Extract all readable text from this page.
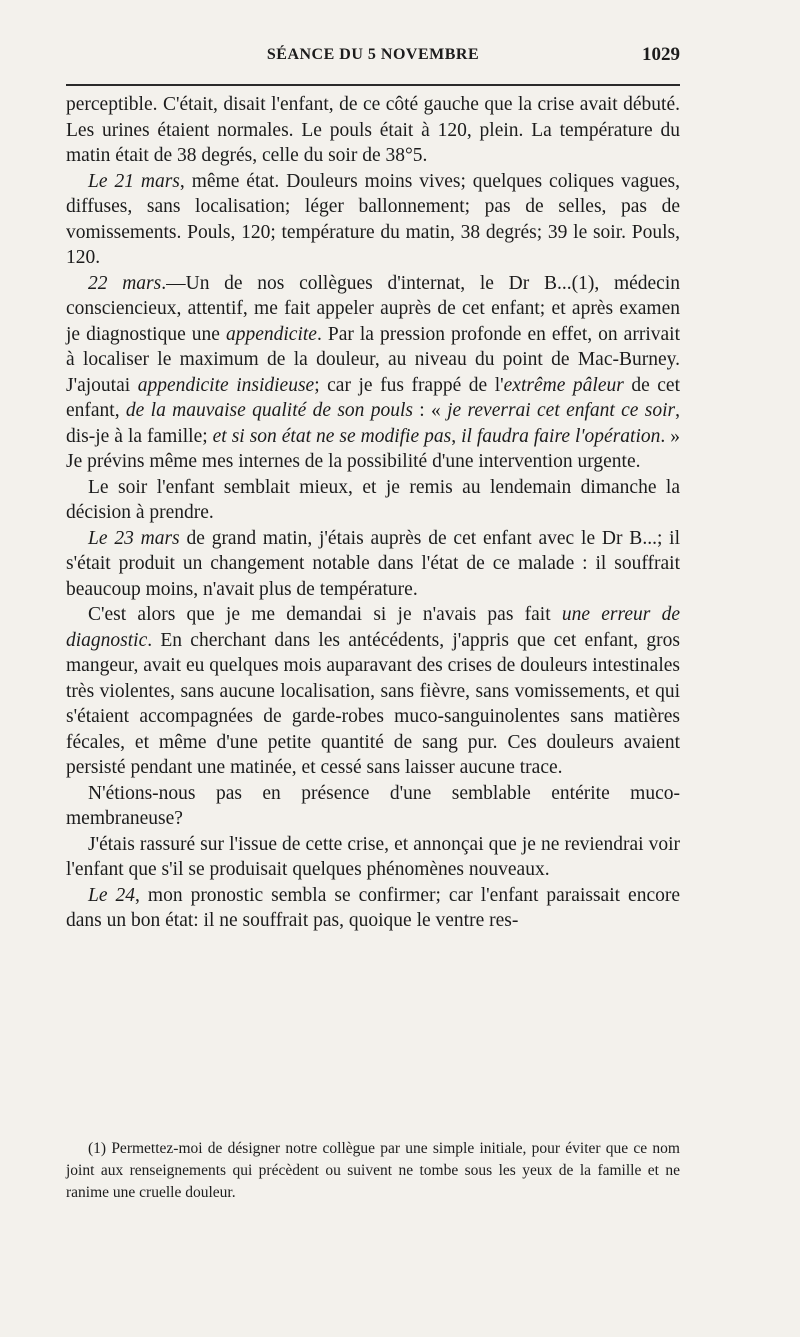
SÉANCE DU 5 NOVEMBRE	1029

perceptible. C'était, disait l'enfant, de ce côté gauche que la crise avait débuté. Les urines étaient normales. Le pouls était à 120, plein. La température du matin était de 38 degrés, celle du soir de 38°5.

Le 21 mars, même état. Douleurs moins vives; quelques coliques vagues, diffuses, sans localisation; léger ballonnement; pas de selles, pas de vomissements. Pouls, 120; température du matin, 38 degrés; 39 le soir. Pouls, 120.

22 mars.—Un de nos collègues d'internat, le Dr B...(1), médecin consciencieux, attentif, me fait appeler auprès de cet enfant; et après examen je diagnostique une appendicite. Par la pression profonde en effet, on arrivait à localiser le maximum de la douleur, au niveau du point de Mac-Burney. J'ajoutai appendicite insidieuse; car je fus frappé de l'extrême pâleur de cet enfant, de la mauvaise qualité de son pouls : « je reverrai cet enfant ce soir, dis-je à la famille; et si son état ne se modifie pas, il faudra faire l'opération. » Je prévins même mes internes de la possibilité d'une intervention urgente.

Le soir l'enfant semblait mieux, et je remis au lendemain dimanche la décision à prendre.

Le 23 mars de grand matin, j'étais auprès de cet enfant avec le Dr B...; il s'était produit un changement notable dans l'état de ce malade : il souffrait beaucoup moins, n'avait plus de température.

C'est alors que je me demandai si je n'avais pas fait une erreur de diagnostic. En cherchant dans les antécédents, j'appris que cet enfant, gros mangeur, avait eu quelques mois auparavant des crises de douleurs intestinales très violentes, sans aucune localisation, sans fièvre, sans vomissements, et qui s'étaient accompagnées de garde-robes muco-sanguinolentes sans matières fécales, et même d'une petite quantité de sang pur. Ces douleurs avaient persisté pendant une matinée, et cessé sans laisser aucune trace.

N'étions-nous pas en présence d'une semblable entérite muco-membraneuse?

J'étais rassuré sur l'issue de cette crise, et annonçai que je ne reviendrai voir l'enfant que s'il se produisait quelques phénomènes nouveaux.

Le 24, mon pronostic sembla se confirmer; car l'enfant paraissait encore dans un bon état: il ne souffrait pas, quoique le ventre res-

(1) Permettez-moi de désigner notre collègue par une simple initiale, pour éviter que ce nom joint aux renseignements qui précèdent ou suivent ne tombe sous les yeux de la famille et ne ranime une cruelle douleur.
